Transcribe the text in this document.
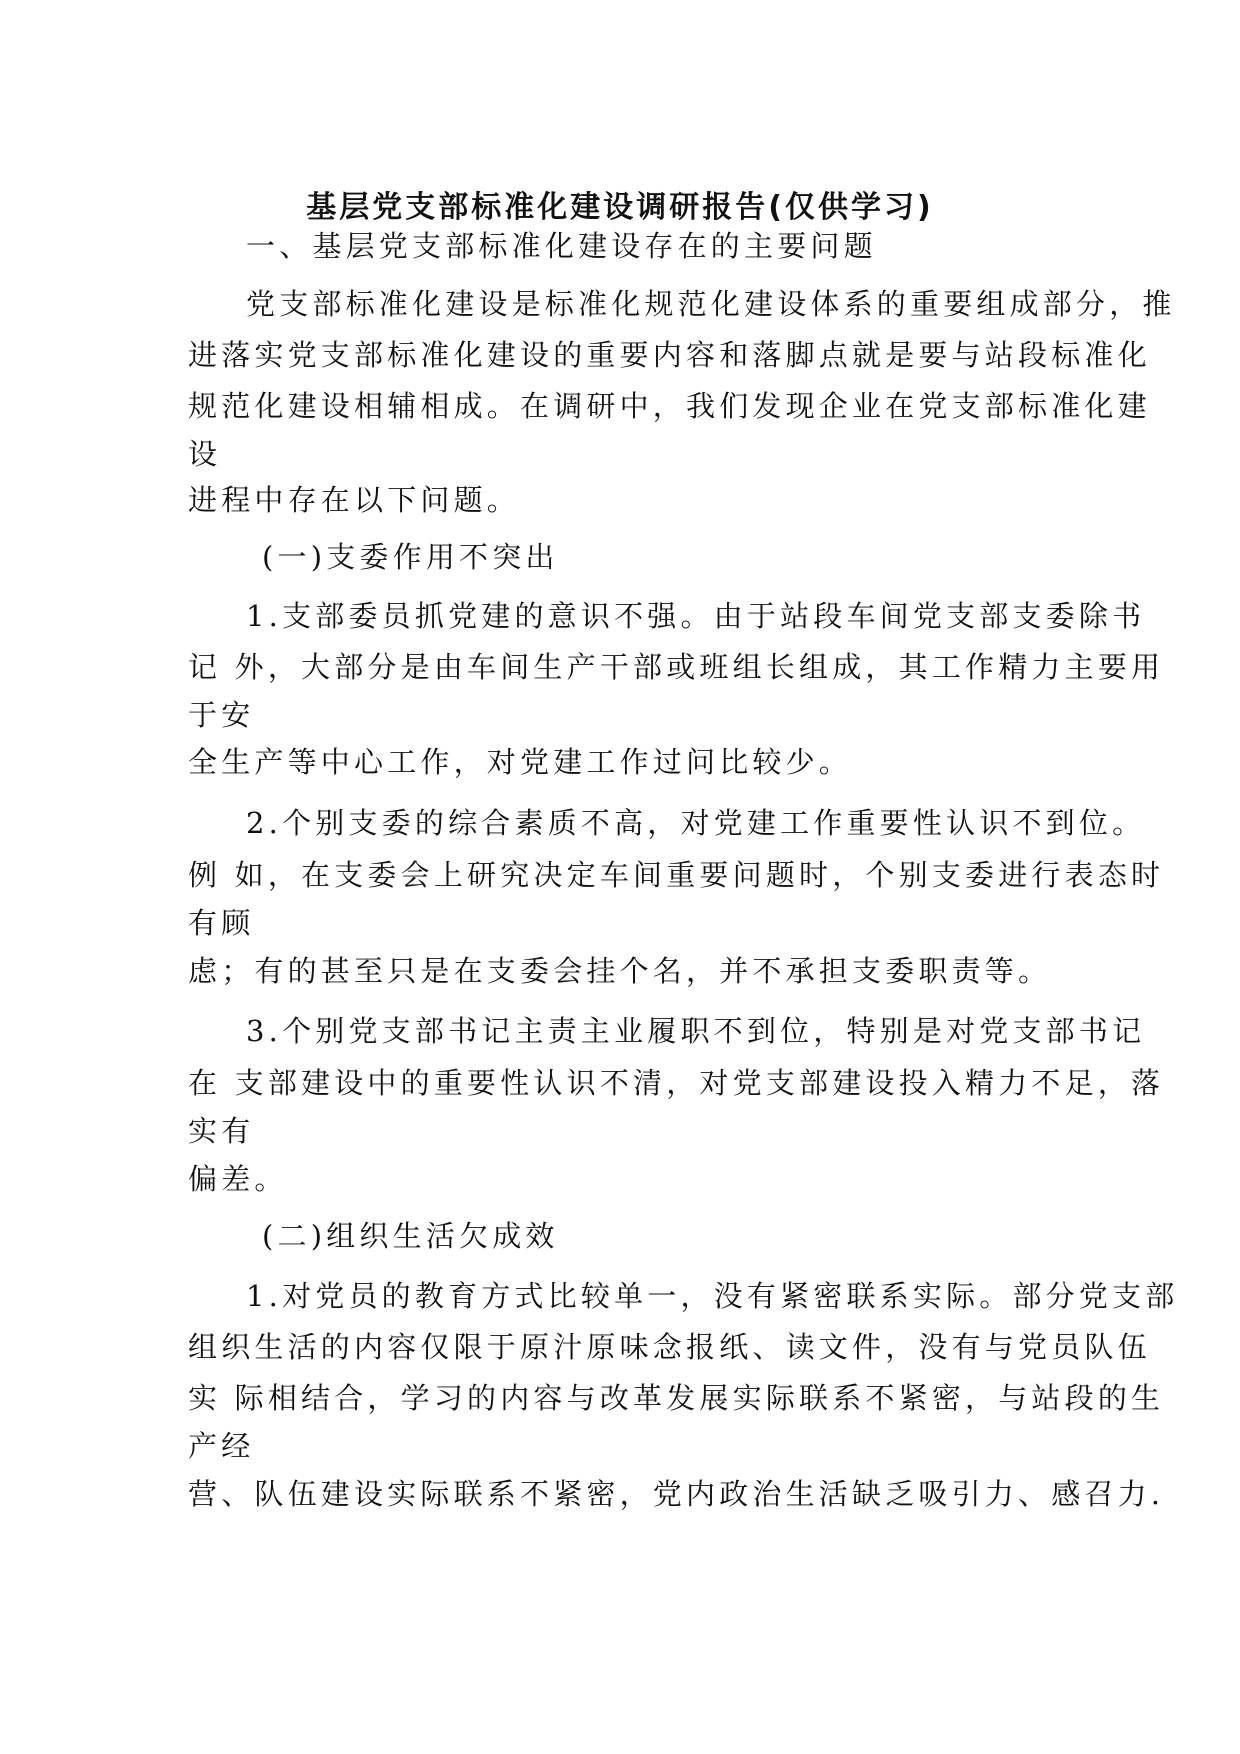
基层党支部标准化建设调研报告(仅供学习)
一、基层党支部标准化建设存在的主要问题
党支部标准化建设是标准化规范化建设体系的重要组成部分，推
进落实党支部标准化建设的重要内容和落脚点就是要与站段标准化
规范化建设相辅相成。在调研中，我们发现企业在党支部标准化建
设
进程中存在以下问题。
(一)支委作用不突出
1.支部委员抓党建的意识不强。由于站段车间党支部支委除书
记 外，大部分是由车间生产干部或班组长组成，其工作精力主要用
于安
全生产等中心工作，对党建工作过问比较少。
2.个别支委的综合素质不高，对党建工作重要性认识不到位。
例 如，在支委会上研究决定车间重要问题时，个别支委进行表态时
有顾
虑；有的甚至只是在支委会挂个名，并不承担支委职责等。
3.个别党支部书记主责主业履职不到位，特别是对党支部书记
在 支部建设中的重要性认识不清，对党支部建设投入精力不足，落
实有
偏差。
(二)组织生活欠成效
1.对党员的教育方式比较单一，没有紧密联系实际。部分党支部
组织生活的内容仅限于原汁原味念报纸、读文件，没有与党员队伍
实 际相结合，学习的内容与改革发展实际联系不紧密，与站段的生
产经
营、队伍建设实际联系不紧密，党内政治生活缺乏吸引力、感召力.
